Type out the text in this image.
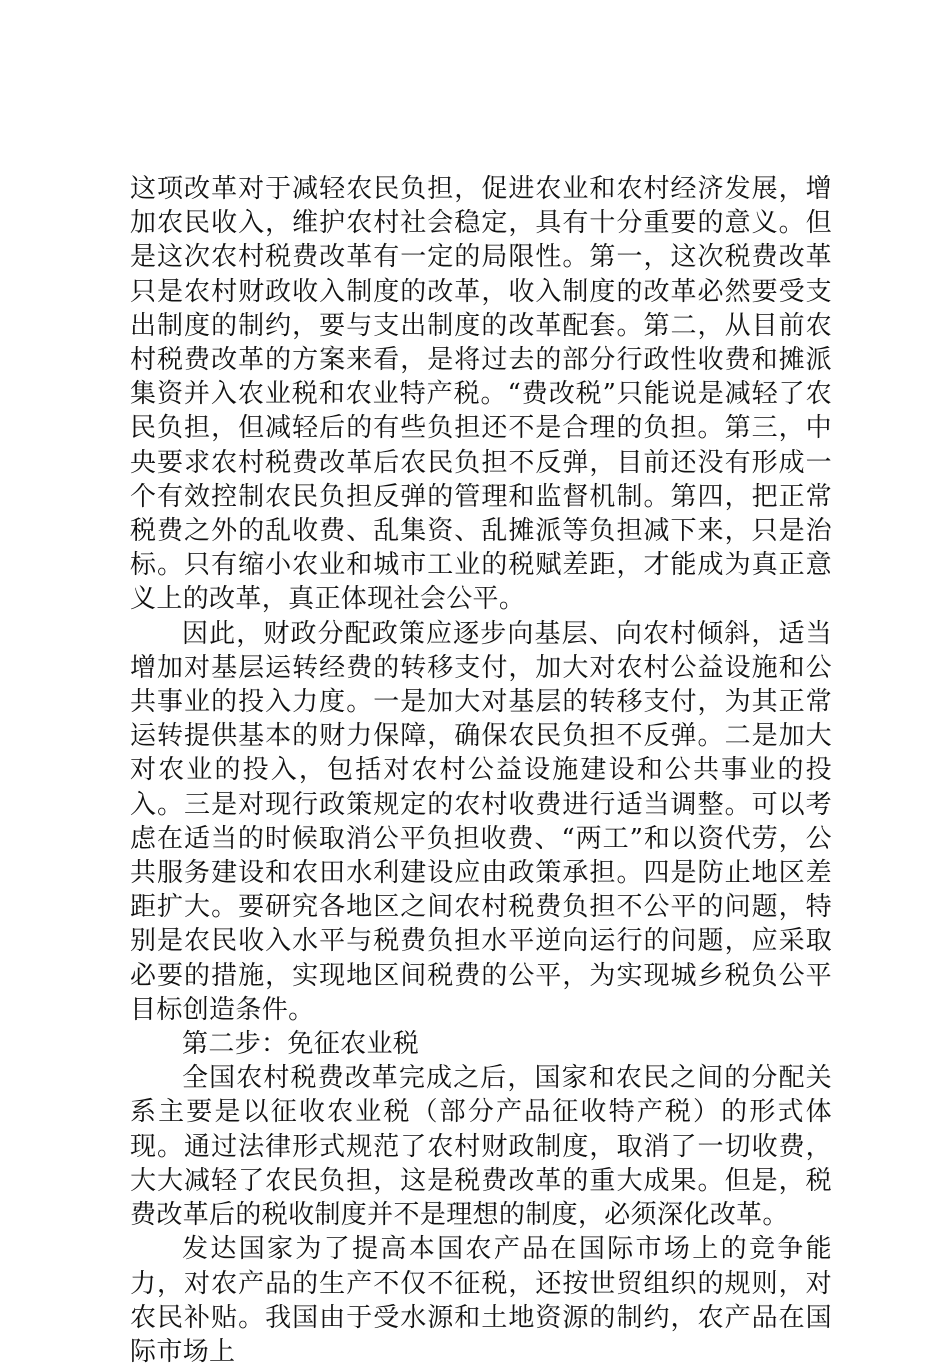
这项改革对于减轻农民负担，促进农业和农村经济发展，增加农民收入，维护农村社会稳定，具有十分重要的意义。但是这次农村税费改革有一定的局限性。第一，这次税费改革只是农村财政收入制度的改革，收入制度的改革必然要受支出制度的制约，要与支出制度的改革配套。第二，从目前农村税费改革的方案来看，是将过去的部分行政性收费和摊派集资并入农业税和农业特产税。“费改税”只能说是减轻了农民负担，但减轻后的有些负担还不是合理的负担。第三，中央要求农村税费改革后农民负担不反弹，目前还没有形成一个有效控制农民负担反弹的管理和监督机制。第四，把正常税费之外的乱收费、乱集资、乱摊派等负担减下来，只是治标。只有缩小农业和城市工业的税赋差距，才能成为真正意义上的改革，真正体现社会公平。

因此，财政分配政策应逐步向基层、向农村倾斜，适当增加对基层运转经费的转移支付，加大对农村公益设施和公共事业的投入力度。一是加大对基层的转移支付，为其正常运转提供基本的财力保障，确保农民负担不反弹。二是加大对农业的投入，包括对农村公益设施建设和公共事业的投入。三是对现行政策规定的农村收费进行适当调整。可以考虑在适当的时候取消公平负担收费、“两工”和以资代劳，公共服务建设和农田水利建设应由政策承担。四是防止地区差距扩大。要研究各地区之间农村税费负担不公平的问题，特别是农民收入水平与税费负担水平逆向运行的问题，应采取必要的措施，实现地区间税费的公平，为实现城乡税负公平目标创造条件。

第二步：免征农业税

全国农村税费改革完成之后，国家和农民之间的分配关系主要是以征收农业税（部分产品征收特产税）的形式体现。通过法律形式规范了农村财政制度，取消了一切收费，大大减轻了农民负担，这是税费改革的重大成果。但是，税费改革后的税收制度并不是理想的制度，必须深化改革。

发达国家为了提高本国农产品在国际市场上的竞争能力，对农产品的生产不仅不征税，还按世贸组织的规则，对农民补贴。我国由于受水源和土地资源的制约，农产品在国际市场上
